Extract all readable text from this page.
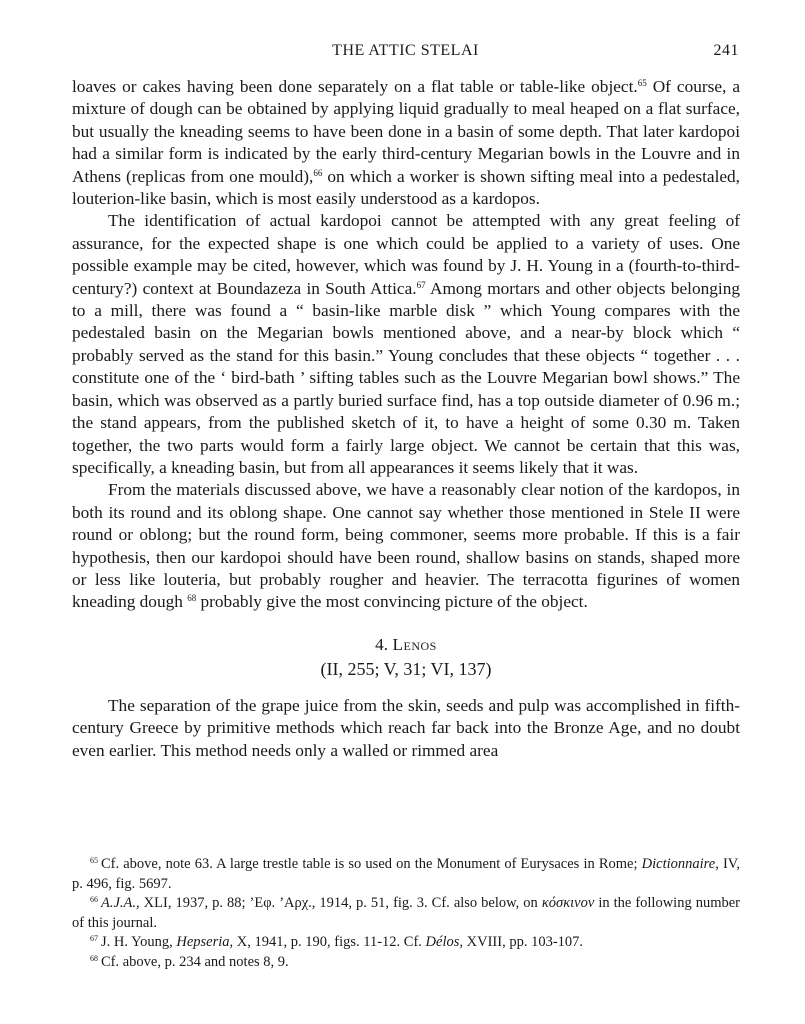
THE ATTIC STELAI	241

loaves or cakes having been done separately on a flat table or table-like object.$^{65}$ Of course, a mixture of dough can be obtained by applying liquid gradually to meal heaped on a flat surface, but usually the kneading seems to have been done in a basin of some depth. That later kardopoi had a similar form is indicated by the early third-century Megarian bowls in the Louvre and in Athens (replicas from one mould),$^{66}$ on which a worker is shown sifting meal into a pedestaled, louterion-like basin, which is most easily understood as a kardopos.

The identification of actual kardopoi cannot be attempted with any great feeling of assurance, for the expected shape is one which could be applied to a variety of uses. One possible example may be cited, however, which was found by J. H. Young in a (fourth-to-third-century?) context at Boundazeza in South Attica.$^{67}$ Among mortars and other objects belonging to a mill, there was found a “ basin-like marble disk ” which Young compares with the pedestaled basin on the Megarian bowls mentioned above, and a near-by block which “ probably served as the stand for this basin.” Young concludes that these objects “ together . . . constitute one of the ‘ bird-bath ’ sifting tables such as the Louvre Megarian bowl shows.” The basin, which was observed as a partly buried surface find, has a top outside diameter of 0.96 m.; the stand appears, from the published sketch of it, to have a height of some 0.30 m. Taken together, the two parts would form a fairly large object. We cannot be certain that this was, specifically, a kneading basin, but from all appearances it seems likely that it was.

From the materials discussed above, we have a reasonably clear notion of the kardopos, in both its round and its oblong shape. One cannot say whether those mentioned in Stele II were round or oblong; but the round form, being commoner, seems more probable. If this is a fair hypothesis, then our kardopoi should have been round, shallow basins on stands, shaped more or less like louteria, but probably rougher and heavier. The terracotta figurines of women kneading dough $^{68}$ probably give the most convincing picture of the object.

4. Lenos
(II, 255; V, 31; VI, 137)

The separation of the grape juice from the skin, seeds and pulp was accomplished in fifth-century Greece by primitive methods which reach far back into the Bronze Age, and no doubt even earlier. This method needs only a walled or rimmed area

$^{65}$ Cf. above, note 63. A large trestle table is so used on the Monument of Eurysaces in Rome; Dictionnaire, IV, p. 496, fig. 5697.

$^{66}$ A.J.A., XLI, 1937, p. 88; ’Eφ. ’Aρχ., 1914, p. 51, fig. 3. Cf. also below, on κόσκινον in the following number of this journal.

$^{67}$ J. H. Young, Hepseria, X, 1941, p. 190, figs. 11-12. Cf. Délos, XVIII, pp. 103-107.

$^{68}$ Cf. above, p. 234 and notes 8, 9.
